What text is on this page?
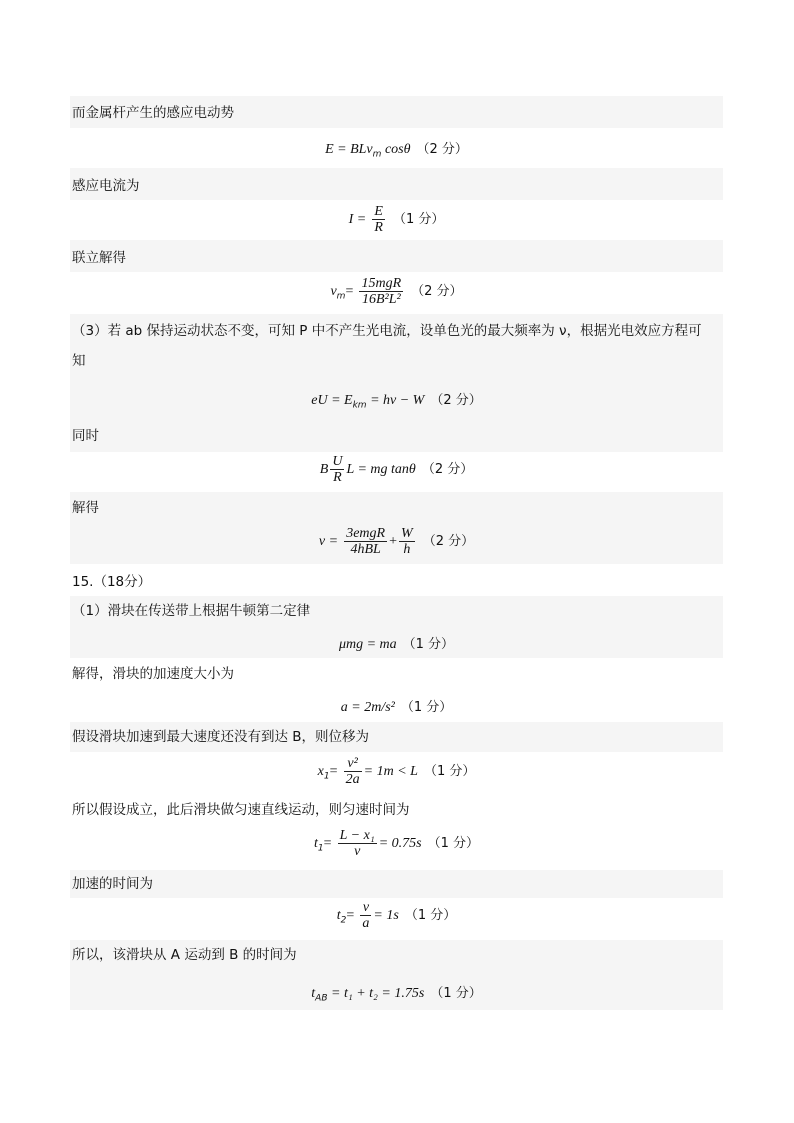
而金属杆产生的感应电动势
E = BLv$_m$ cosθ （2 分）
感应电流为
$I = \frac{E}{R} (1$ 分）
联立解得
$v_m= \frac{\text{15mgR}}{\text{16B²L²}} (2$ 分）
（3）若 ab 保持运动状态不变，可知 P 中不产生光电流，设单色光的最大频率为 ν，根据光电效应方程可
知
eU = $E_{km} = h\nu - W$ （2 分）
同时
B $\frac{U}{R}$ L = mg tanθ （2 分）
解得
$\nu = \frac{\text{3emgR}}{\text{4hBL}} + \frac{W}{h} (2$ 分）
15.（18分）
（1）滑块在传送带上根据牛顿第二定律
μmg = ma （1 分）
解得，滑块的加速度大小为
a = 2m/s² （1 分）
假设滑块加速到最大速度还没有到达 B，则位移为
$x_1= \frac{\text{v²}}{2a} = 1m < L$ （1 分）
所以假设成立，此后滑块做匀速直线运动，则匀速时间为
$t_1= \frac{\text{L − x₁}}{v} = 0.75s$ （1 分）
加速的时间为
$t_2= \frac{v}{a} = 1s$ （1 分）
所以，该滑块从 A 运动到 B 的时间为
$t_{AB} = t_1 + t_2 = 1.75s$ （1 分）
